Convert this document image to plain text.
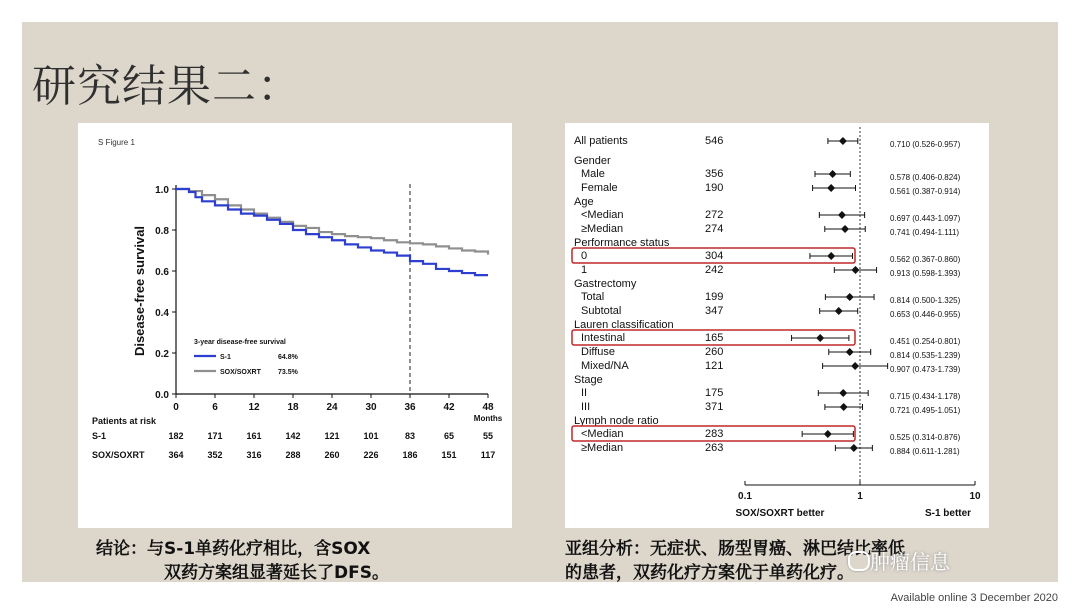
研究结果二：
S Figure 1
Disease-free survival
1.0
0.8
0.6
0.4
0.2
0.0
0	6	12	18	24	30	36	42	48
Months
3-year disease-free survival
S-1	64.8%
SOX/SOXRT 73.5%
Patients at risk
S-1	182	171	161	142	121	101	83	65	55
SOX/SOXRT	364	352	316	288	260	226	186	151	117
Gender
Age
Performance status
Gastrectomy
Lauren classification
Stage
Lymph node ratio
All patients	546	0.710 (0.526-0.957)
Male	356	0.578 (0.406-0.824)
Female	190	0.561 (0.387-0.914)
<Median	272	0.697 (0.443-1.097)
≥Median	274	0.741 (0.494-1.111)
0	304	0.562 (0.367-0.860)
1	242	0.913 (0.598-1.393)
Total	199	0.814 (0.500-1.325)
Subtotal	347	0.653 (0.446-0.955)
Intestinal	165	0.451 (0.254-0.801)
Diffuse	260	0.814 (0.535-1.239)
Mixed/NA	121	0.907 (0.473-1.739)
II	175	0.715 (0.434-1.178)
III	371	0.721 (0.495-1.051)
<Median	283	0.525 (0.314-0.876)
≥Median	263	0.884 (0.611-1.281)
0.1	1	10
SOX/SOXRT better	S-1 better
结论：与S-1单药化疗相比，含SOX
双药方案组显著延长了DFS。
亚组分析：无症状、肠型胃癌、淋巴结比率低
的患者，双药化疗方案优于单药化疗。 肿瘤信息
Available online 3 December 2020
